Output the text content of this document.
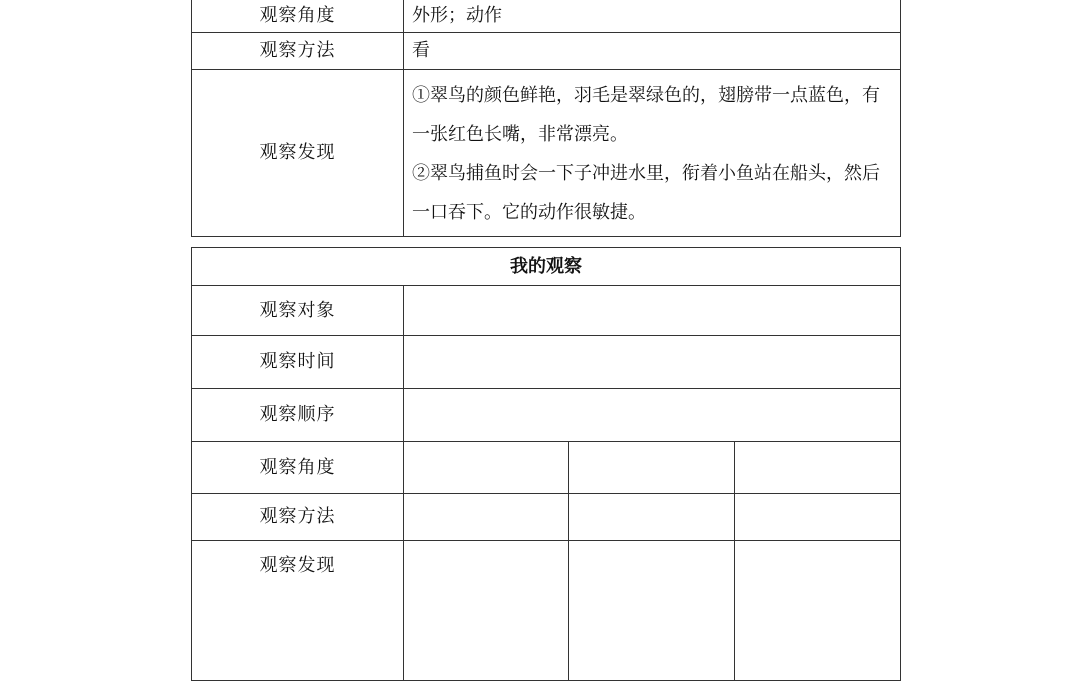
观察角度	外形；动作
观察方法	看
观察发现	①翠鸟的颜色鲜艳，羽毛是翠绿色的，翅膀带一点蓝色，有一张红色长嘴，非常漂亮。

②翠鸟捕鱼时会一下子冲进水里，衔着小鱼站在船头，然后一口吞下。它的动作很敏捷。

我的观察			
观察对象			
观察时间			
观察顺序			
观察角度			
观察方法			
观察发现			
